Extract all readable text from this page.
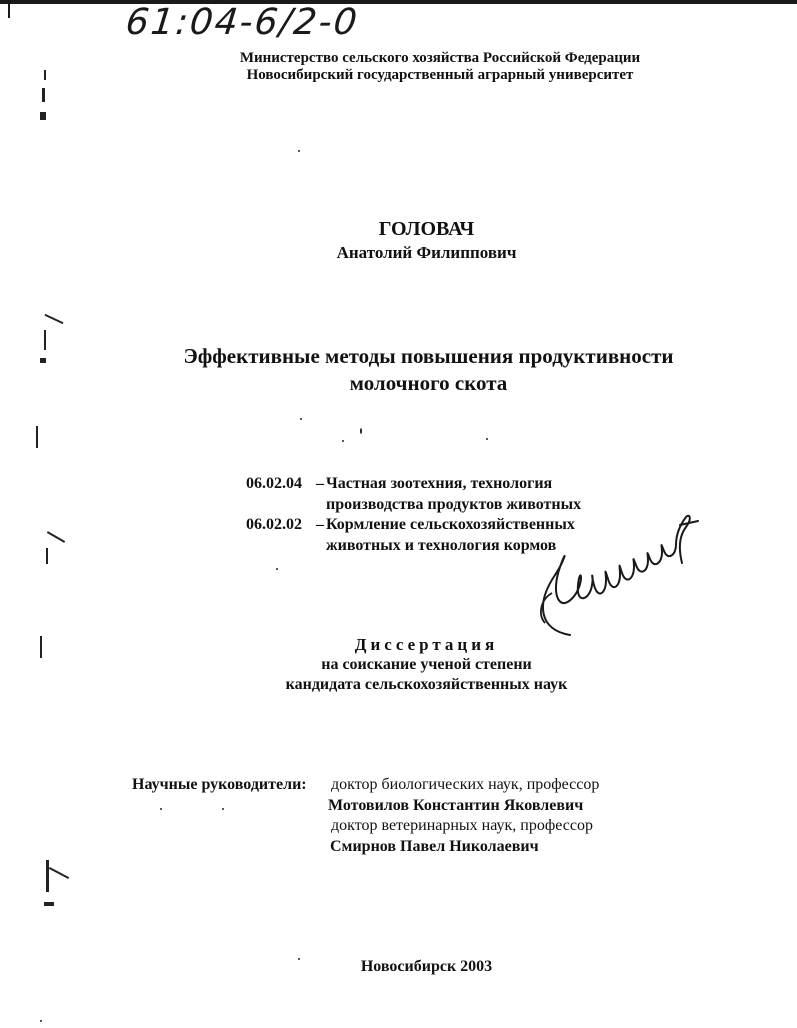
61:04-6/2-0
Министерство сельского хозяйства Российской Федерации
Новосибирский государственный аграрный университет
ГОЛОВАЧ
Анатолий Филиппович
Эффективные методы повышения продуктивности
молочного скота
06.02.04 – Частная зоотехния, технология
производства продуктов животных
06.02.02 – Кормление сельскохозяйственных
животных и технология кормов
Диссертация
на соискание ученой степени
кандидата сельскохозяйственных наук
Научные руководители: доктор биологических наук, профессор
Мотовилов Константин Яковлевич
доктор ветеринарных наук, профессор
Смирнов Павел Николаевич
Новосибирск 2003
